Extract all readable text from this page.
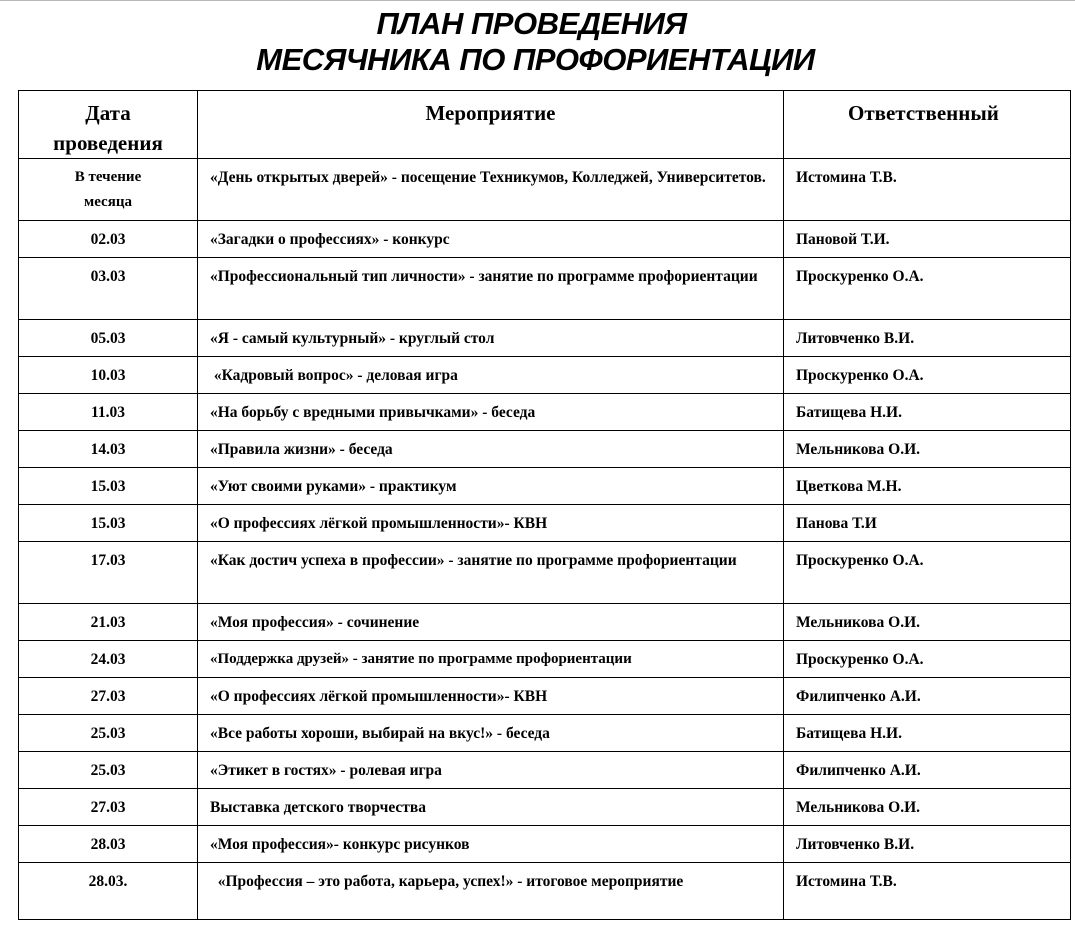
ПЛАН ПРОВЕДЕНИЯ
МЕСЯЧНИКА ПО ПРОФОРИЕНТАЦИИ
Дата
проведения	Мероприятие	Ответственный
В течение
месяца	«День открытых дверей» - посещение Техникумов, Колледжей, Университетов.	Истомина Т.В.
02.03	«Загадки о профессиях» - конкурс	Пановой Т.И.
03.03	«Профессиональный тип личности» - занятие по программе профориентации	Проскуренко О.А.
05.03	«Я - самый культурный» - круглый стол	Литовченко В.И.
10.03	«Кадровый вопрос» - деловая игра	Проскуренко О.А.
11.03	«На борьбу с вредными привычками» - беседа	Батищева Н.И.
14.03	«Правила жизни» - беседа	Мельникова О.И.
15.03	«Уют своими руками» - практикум	Цветкова М.Н.
15.03	«О профессиях лёгкой промышленности»- КВН	Панова Т.И
17.03	«Как достич успеха в профессии» - занятие по программе профориентации	Проскуренко О.А.
21.03	«Моя профессия» - сочинение	Мельникова О.И.
24.03	«Поддержка друзей» - занятие по программе профориентации	Проскуренко О.А.
27.03	«О профессиях лёгкой промышленности»- КВН	Филипченко А.И.
25.03	«Все работы хороши, выбирай на вкус!» - беседа	Батищева Н.И.
25.03	«Этикет в гостях» - ролевая игра	Филипченко А.И.
27.03	Выставка детского творчества	Мельникова О.И.
28.03	«Моя профессия»- конкурс рисунков	Литовченко В.И.
28.03.	«Профессия – это работа, карьера, успех!» - итоговое мероприятие	Истомина Т.В.
